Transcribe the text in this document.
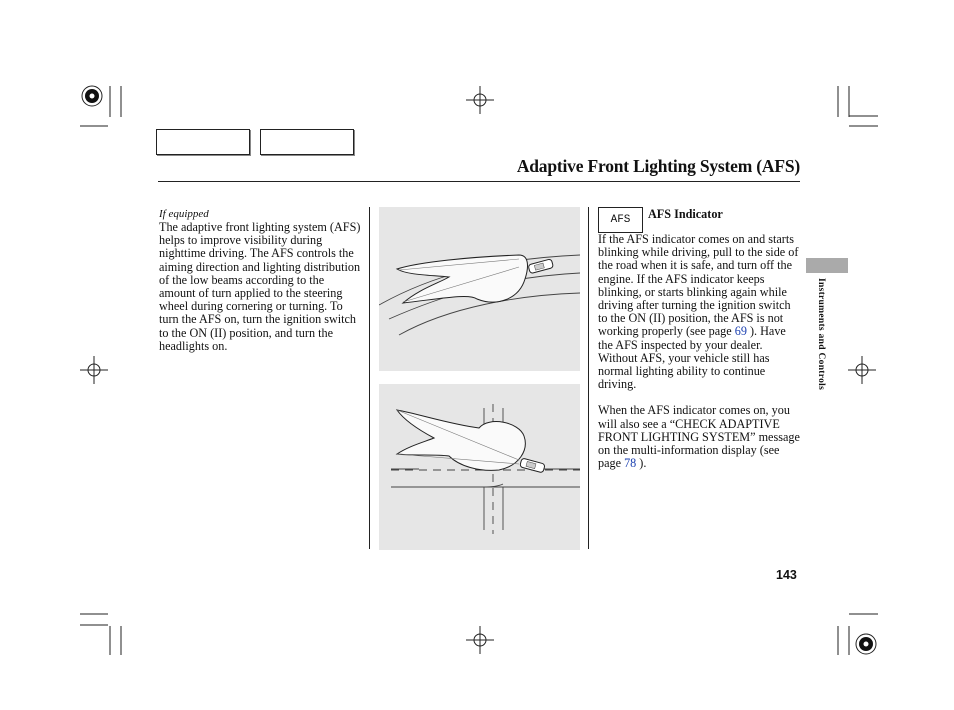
Adaptive Front Lighting System (AFS)
If equipped
The adaptive front lighting system (AFS) helps to improve visibility during nighttime driving. The AFS controls the aiming direction and lighting distribution of the low beams according to the amount of turn applied to the steering wheel during cornering or turning. To turn the AFS on, turn the ignition switch to the ON (II) position, and turn the headlights on.
AFS AFS Indicator
If the AFS indicator comes on and starts blinking while driving, pull to the side of the road when it is safe, and turn off the engine. If the AFS indicator keeps blinking, or starts blinking again while driving after turning the ignition switch to the ON (II) position, the AFS is not working properly (see page 69 ). Have the AFS inspected by your dealer. Without AFS, your vehicle still has normal lighting ability to continue driving.
When the AFS indicator comes on, you will also see a “CHECK ADAPTIVE FRONT LIGHTING SYSTEM” message on the multi-information display (see page 78 ).
Instruments and Controls
143
